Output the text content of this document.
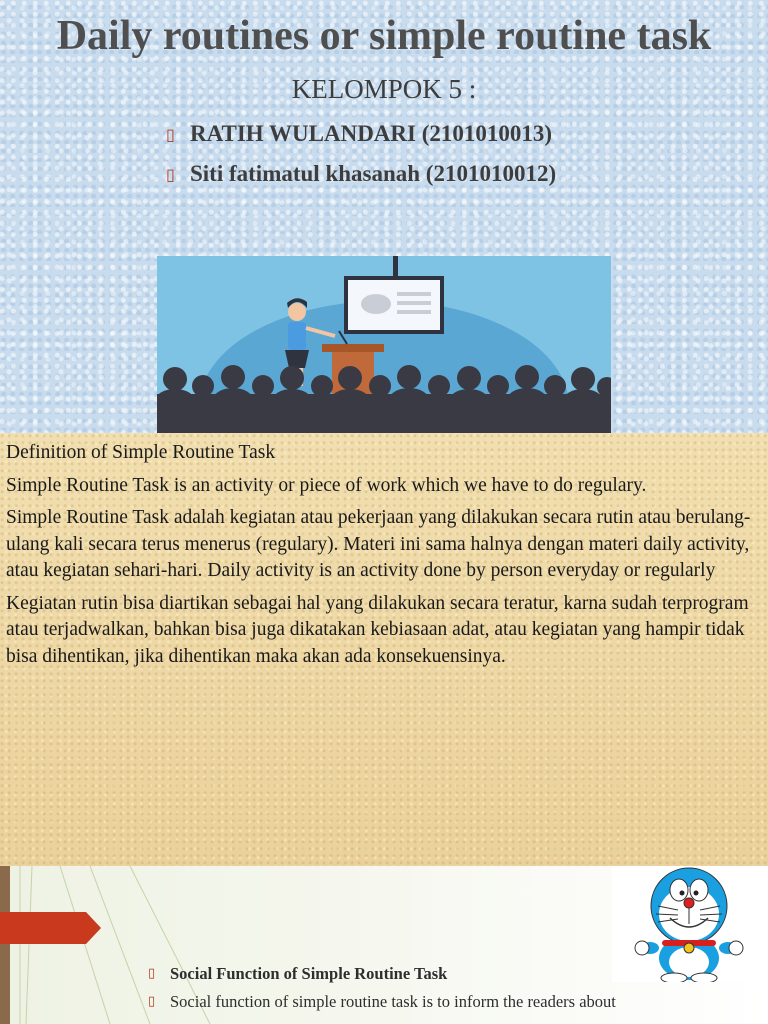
Daily routines or simple routine task
KELOMPOK 5 :
▯ RATIH WULANDARI (2101010013)
▯ Siti fatimatul khasanah (2101010012)

Definition of Simple Routine Task

Simple Routine Task is an activity or piece of work which we have to do regulary.

Simple Routine Task adalah kegiatan atau pekerjaan yang dilakukan secara rutin atau berulang-ulang kali secara terus menerus (regulary). Materi ini sama halnya dengan materi daily activity, atau kegiatan sehari-hari. Daily activity is an activity done by person everyday or regularly

Kegiatan rutin bisa diartikan sebagai hal yang dilakukan secara teratur, karna sudah terprogram atau terjadwalkan, bahkan bisa juga dikatakan kebiasaan adat, atau kegiatan yang hampir tidak bisa dihentikan, jika dihentikan maka akan ada konsekuensinya.

▯ Social Function of Simple Routine Task
▯ Social function of simple routine task is to inform the readers about
